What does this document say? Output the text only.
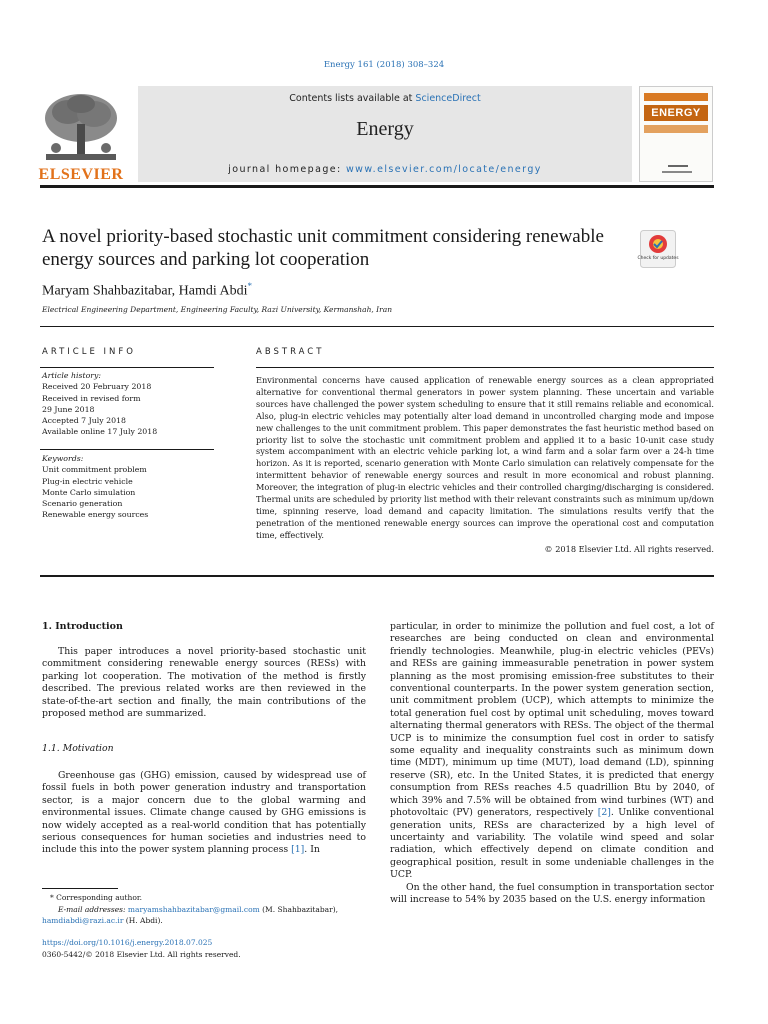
Energy 161 (2018) 308–324
ELSEVIER
Contents lists available at ScienceDirect
Energy
journal homepage: www.elsevier.com/locate/energy
ENERGY
A novel priority-based stochastic unit commitment considering renewable energy sources and parking lot cooperation	Check for updates
Maryam Shahbazitabar, Hamdi Abdi*
Electrical Engineering Department, Engineering Faculty, Razi University, Kermanshah, Iran
ARTICLE INFO
Article history:
Received 20 February 2018
Received in revised form
29 June 2018
Accepted 7 July 2018
Available online 17 July 2018
Keywords:
Unit commitment problem
Plug-in electric vehicle
Monte Carlo simulation
Scenario generation
Renewable energy sources
ABSTRACT
Environmental concerns have caused application of renewable energy sources as a clean appropriated alternative for conventional thermal generators in power system planning. These uncertain and variable sources have challenged the power system scheduling to ensure that it still remains reliable and economical. Also, plug-in electric vehicles may potentially alter load demand in uncontrolled charging mode and impose new challenges to the unit commitment problem. This paper demonstrates the fast heuristic method based on priority list to solve the stochastic unit commitment problem and applied it to a basic 10-unit case study system accompaniment with an electric vehicle parking lot, a wind farm and a solar farm over a 24-h time horizon. As it is reported, scenario generation with Monte Carlo simulation can relatively compensate for the intermittent behavior of renewable energy sources and result in more economical and robust planning. Moreover, the integration of plug-in electric vehicles and their controlled charging/discharging is considered. Thermal units are scheduled by priority list method with their relevant constraints such as minimum up/down time, spinning reserve, load demand and capacity limitation. The simulations results verify that the penetration of the mentioned renewable energy sources can improve the operational cost and computation time, effectively.
© 2018 Elsevier Ltd. All rights reserved.
1. Introduction
This paper introduces a novel priority-based stochastic unit commitment considering renewable energy sources (RESs) with parking lot cooperation. The motivation of the method is firstly described. The previous related works are then reviewed in the state-of-the-art section and finally, the main contributions of the proposed method are summarized.
1.1. Motivation
Greenhouse gas (GHG) emission, caused by widespread use of fossil fuels in both power generation industry and transportation sector, is a major concern due to the global warming and environmental issues. Climate change caused by GHG emissions is now widely accepted as a real-world condition that has potentially serious consequences for human societies and industries need to include this into the power system planning process [1]. In

particular, in order to minimize the pollution and fuel cost, a lot of researches are being conducted on clean and environmental friendly technologies. Meanwhile, plug-in electric vehicles (PEVs) and RESs are gaining immeasurable penetration in power system planning as the most promising emission-free substitutes to their conventional counterparts. In the power system generation section, unit commitment problem (UCP), which attempts to minimize the total generation fuel cost by optimal unit scheduling, moves toward alternating thermal generators with RESs. The object of the thermal UCP is to minimize the consumption fuel cost in order to satisfy some equality and inequality constraints such as minimum down time (MDT), minimum up time (MUT), load demand (LD), spinning reserve (SR), etc. In the United States, it is predicted that energy consumption from RESs reaches 4.5 quadrillion Btu by 2040, of which 39% and 7.5% will be obtained from wind turbines (WT) and photovoltaic (PV) generators, respectively [2]. Unlike conventional generation units, RESs are characterized by a high level of uncertainty and variability. The volatile wind speed and solar radiation, which effectively depend on climate condition and geographical position, result in some undeniable challenges in the UCP.

On the other hand, the fuel consumption in transportation sector will increase to 54% by 2035 based on the U.S. energy information

* Corresponding author.
E-mail addresses: maryamshahbazitabar@gmail.com (M. Shahbazitabar),
hamdiabdi@razi.ac.ir (H. Abdi).
https://doi.org/10.1016/j.energy.2018.07.025
0360-5442/© 2018 Elsevier Ltd. All rights reserved.
